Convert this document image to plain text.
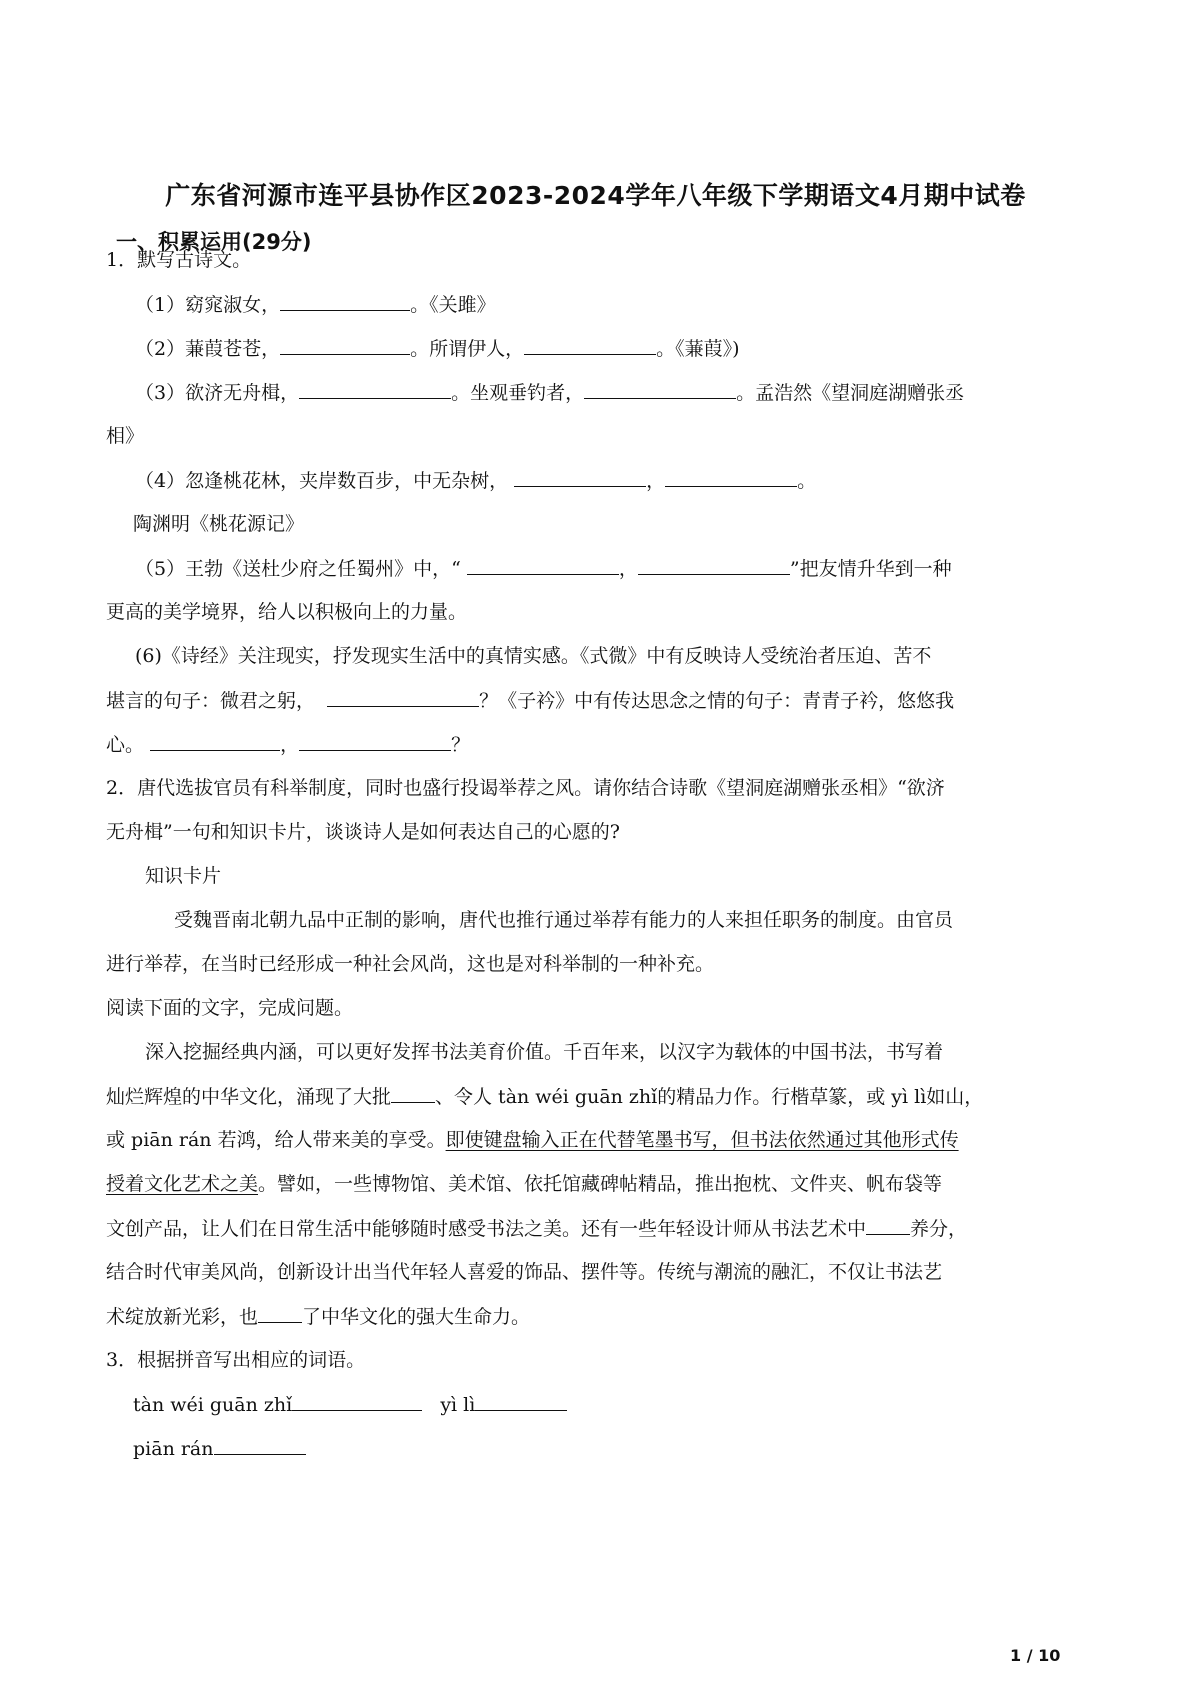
广东省河源市连平县协作区2023-2024学年八年级下学期语文4月期中试卷
一、积累运用(29分)
1．默写古诗文。
（1）窈窕淑女，	。《关雎》
（2）蒹葭苍苍，	。所谓伊人，	。《蒹葭》)
（3）欲济无舟楫，	。坐观垂钓者，	。孟浩然《望洞庭湖赠张丞
相》
（4）忽逢桃花林，夹岸数百步，中无杂树，	，	。
陶渊明《桃花源记》
（5）王勃《送杜少府之任蜀州》中，“	，	”把友情升华到一种
更高的美学境界，给人以积极向上的力量。
(6)《诗经》关注现实，抒发现实生活中的真情实感。《式微》中有反映诗人受统治者压迫、苦不
堪言的句子：微君之躬，	？《子衿》中有传达思念之情的句子：青青子衿，悠悠我
心。	，	？
2．唐代选拔官员有科举制度，同时也盛行投谒举荐之风。请你结合诗歌《望洞庭湖赠张丞相》“欲济
无舟楫”一句和知识卡片，谈谈诗人是如何表达自己的心愿的?
知识卡片
受魏晋南北朝九品中正制的影响，唐代也推行通过举荐有能力的人来担任职务的制度。由官员
进行举荐，在当时已经形成一种社会风尚，这也是对科举制的一种补充。
阅读下面的文字，完成问题。
深入挖掘经典内涵，可以更好发挥书法美育价值。千百年来，以汉字为载体的中国书法，书写着
灿烂辉煌的中华文化，涌现了大批 、令人 tàn wéi guān zhǐ的精品力作。行楷草篆，或 yì lì如山，
或 piān rán 若鸿，给人带来美的享受。即使键盘输入正在代替笔墨书写，但书法依然通过其他形式传
授着文化艺术之美。譬如，一些博物馆、美术馆、依托馆藏碑帖精品，推出抱枕、文件夹、帆布袋等
文创产品，让人们在日常生活中能够随时感受书法之美。还有一些年轻设计师从书法艺术中 养分，
结合时代审美风尚，创新设计出当代年轻人喜爱的饰品、摆件等。传统与潮流的融汇，不仅让书法艺
术绽放新光彩，也 了中华文化的强大生命力。
3．根据拼音写出相应的词语。
tàn wéi guān zhǐ	yì lì
piān rán
1 / 10
